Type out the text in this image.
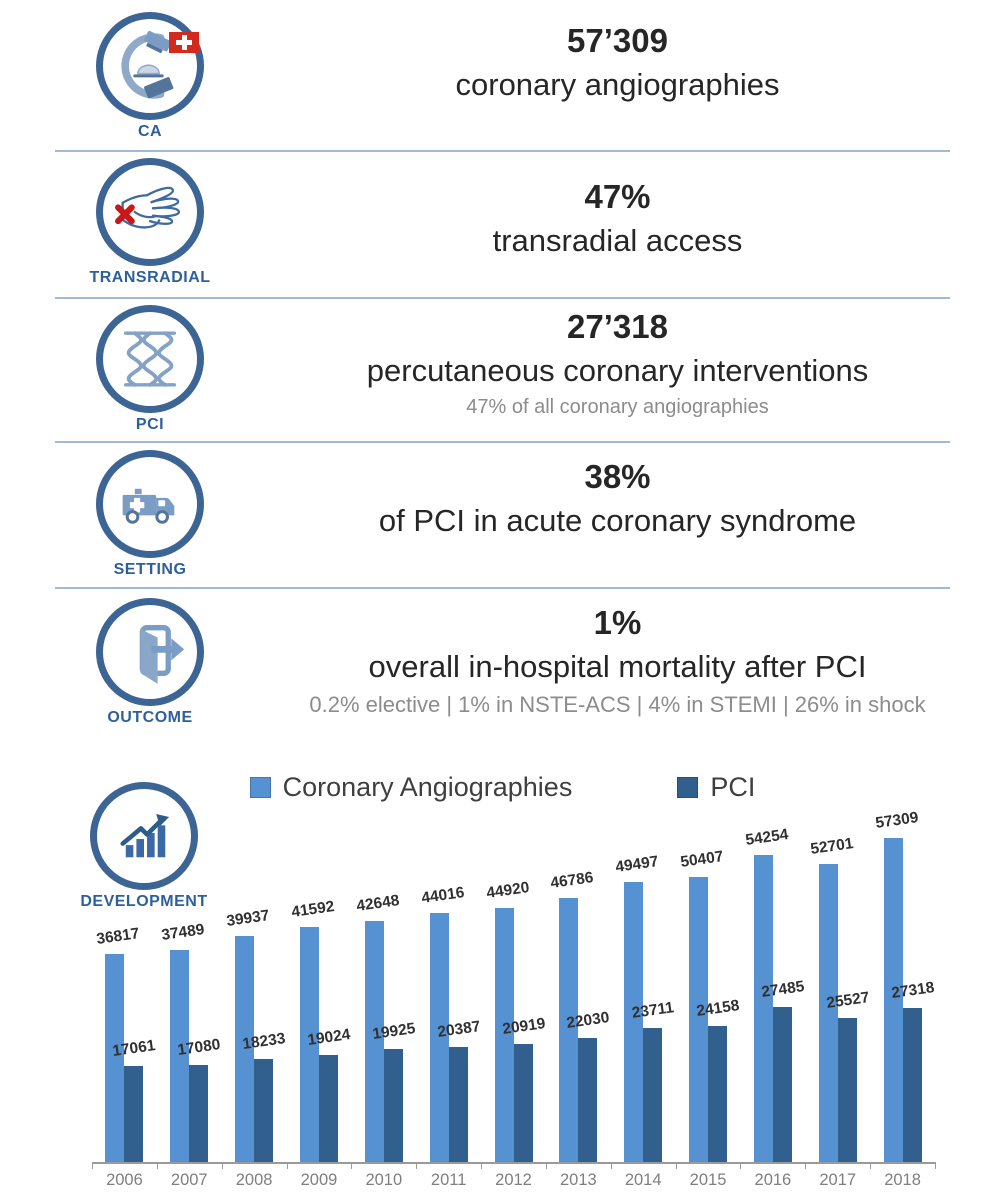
CA
57’309
coronary angiographies
TRANSRADIAL
47%
transradial access
PCI
27’318
percutaneous coronary interventions
47% of all coronary angiographies
SETTING
38%
of PCI in acute coronary syndrome
OUTCOME
1%
overall in-hospital mortality after PCI
0.2% elective | 1% in NSTE-ACS | 4% in STEMI | 26% in shock
Coronary Angiographies	PCI
DEVELOPMENT
36817
17061
2006
37489
17080
2007
39937
18233
2008
41592
19024
2009
42648
19925
2010
44016
20387
2011
44920
20919
2012
46786
22030
2013
49497
23711
2014
50407
24158
2015
54254
27485
2016
52701
25527
2017
57309
27318
2018
